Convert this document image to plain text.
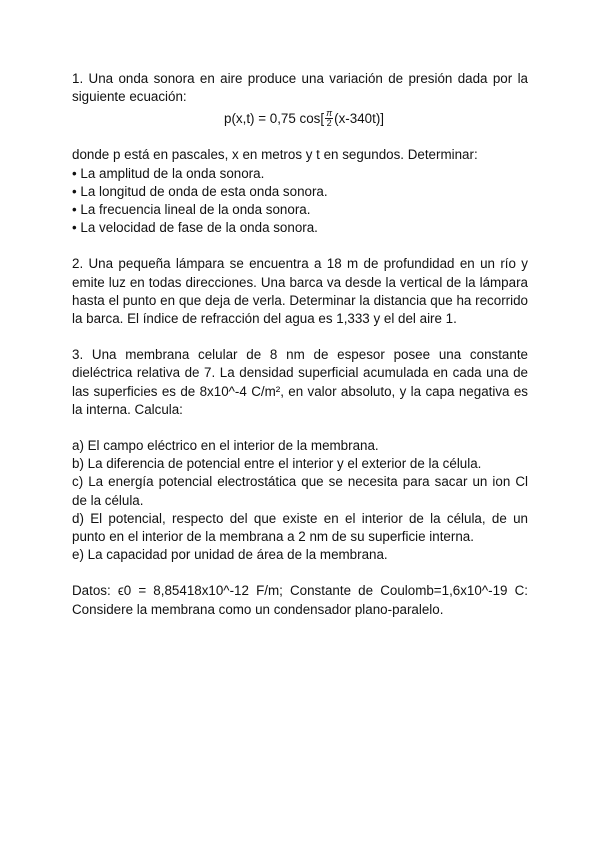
1. Una onda sonora en aire produce una variación de presión dada por la siguiente ecuación:

p(x,t) = 0,75 $\cos[ \frac{\pi}{2} (x-340t)]$

donde p está en pascales, x en metros y t en segundos. Determinar:

• La amplitud de la onda sonora.
• La longitud de onda de esta onda sonora.
• La frecuencia lineal de la onda sonora.
• La velocidad de fase de la onda sonora.

2. Una pequeña lámpara se encuentra a 18 m de profundidad en un río y emite luz en todas direcciones. Una barca va desde la vertical de la lámpara hasta el punto en que deja de verla. Determinar la distancia que ha recorrido la barca. El índice de refracción del agua es 1,333 y el del aire 1.

3. Una membrana celular de 8 nm de espesor posee una constante dieléctrica relativa de 7. La densidad superficial acumulada en cada una de las superficies es de 8x10^-4 C/m², en valor absoluto, y la capa negativa es la interna. Calcula:

a) El campo eléctrico en el interior de la membrana.

b) La diferencia de potencial entre el interior y el exterior de la célula.

c) La energía potencial electrostática que se necesita para sacar un ion Cl de la célula.

d) El potencial, respecto del que existe en el interior de la célula, de un punto en el interior de la membrana a 2 nm de su superficie interna.

e) La capacidad por unidad de área de la membrana.

Datos: ϵ0 = 8,85418x10^-12 F/m; Constante de Coulomb=1,6x10^-19 C: Considere la membrana como un condensador plano-paralelo.
